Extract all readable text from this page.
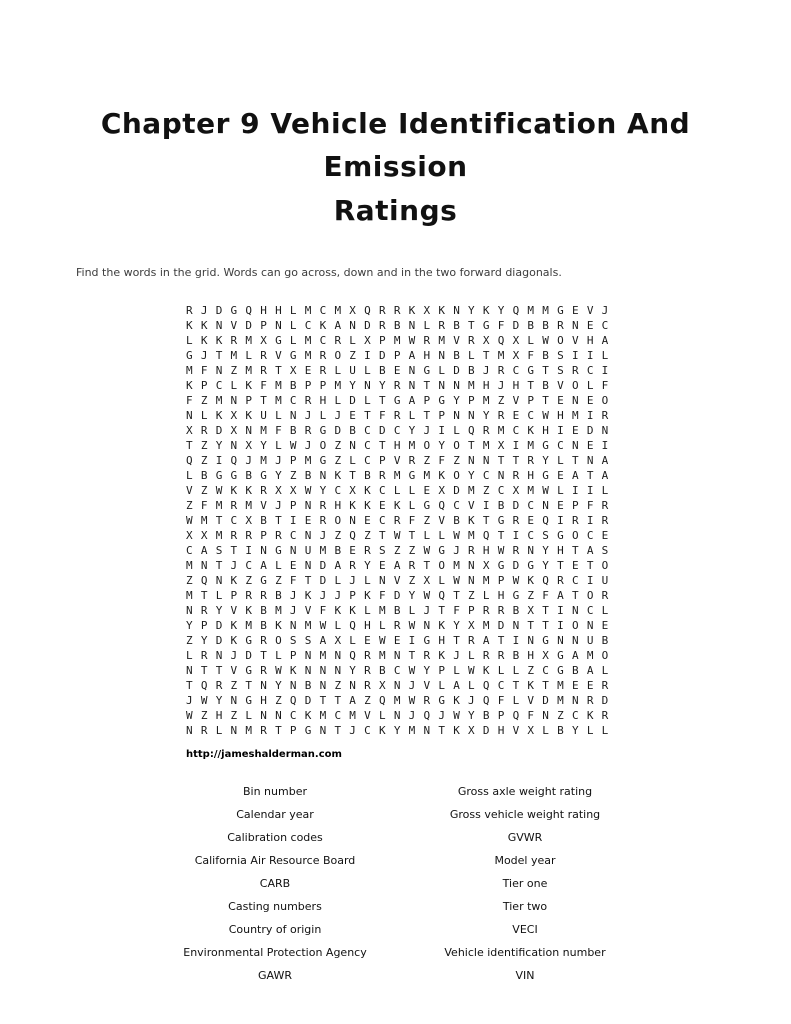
Chapter 9 Vehicle Identification And Emission
Ratings
Find the words in the grid. Words can go across, down and in the two forward diagonals.
R J D G Q H H L M C M X Q R R K X K N Y K Y Q M M G E V J
K K N V D P N L C K A N D R B N L R B T G F D B B R N E C
L K K R M X G L M C R L X P M W R M V R X Q X L W O V H A
G J T M L R V G M R O Z I D P A H N B L T M X F B S I I L
M F N Z M R T X E R L U L B E N G L D B J R C G T S R C I
K P C L K F M B P P M Y N Y R N T N N M H J H T B V O L F
F Z M N P T M C R H L D L T G A P G Y P M Z V P T E N E O
N L K X K U L N J L J E T F R L T P N N Y R E C W H M I R
X R D X N M F B R G D B C D C Y J I L Q R M C K H I E D N
T Z Y N X Y L W J O Z N C T H M O Y O T M X I M G C N E I
Q Z I Q J M J P M G Z L C P V R Z F Z N N T T R Y L T N A
L B G G B G Y Z B N K T B R M G M K O Y C N R H G E A T A
V Z W K K R X X W Y C X K C L L E X D M Z C X M W L I I L
Z F M R M V J P N R H K K E K L G Q C V I B D C N E P F R
W M T C X B T I E R O N E C R F Z V B K T G R E Q I R I R
X X M R R P R C N J Z Q Z T W T L L W M Q T I C S G O C E
C A S T I N G N U M B E R S Z Z W G J R H W R N Y H T A S
M N T J C A L E N D A R Y E A R T O M N X G D G Y T E T O
Z Q N K Z G Z F T D L J L N V Z X L W N M P W K Q R C I U
M T L P R R B J K J J P K F D Y W Q T Z L H G Z F A T O R
N R Y V K B M J V F K K L M B L J T F P R R B X T I N C L
Y P D K M B K N M W L Q H L R W N K Y X M D N T T I O N E
Z Y D K G R O S S A X L E W E I G H T R A T I N G N N U B
L R N J D T L P N M N Q R M N T R K J L R R B H X G A M O
N T T V G R W K N N N Y R B C W Y P L W K L L Z C G B A L
T Q R Z T N Y N B N Z N R X N J V L A L Q C T K T M E E R
J W Y N G H Z Q D T T A Z Q M W R G K J Q F L V D M N R D
W Z H Z L N N C K M C M V L N J Q J W Y B P Q F N Z C K R
N R L N M R T P G N T J C K Y M N T K X D H V X L B Y L L
http://jameshalderman.com
Bin number
Calendar year
Calibration codes
California Air Resource Board
CARB
Casting numbers
Country of origin
Environmental Protection Agency
GAWR
Gross axle weight rating
Gross vehicle weight rating
GVWR
Model year
Tier one
Tier two
VECI
Vehicle identification number
VIN
